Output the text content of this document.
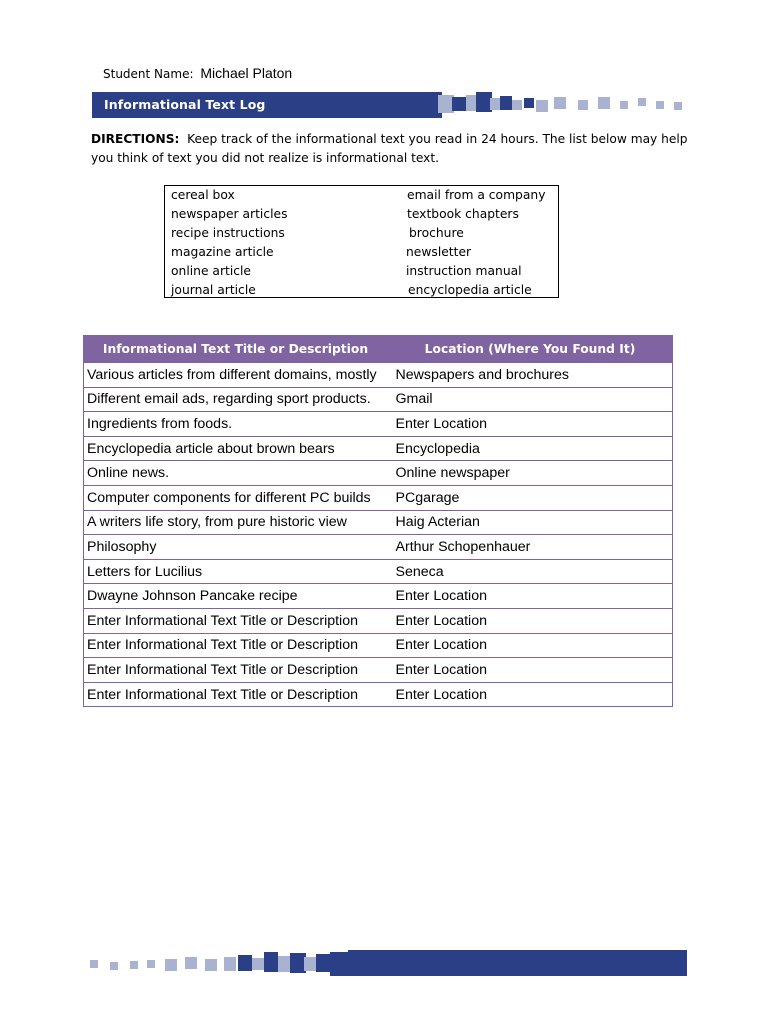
Student Name: Michael Platon
Informational Text Log
DIRECTIONS: Keep track of the informational text you read in 24 hours. The list below may help
you think of text you did not realize is informational text.
cereal box
newspaper articles
recipe instructions
magazine article
online article
journal article
email from a company
textbook chapters
brochure
newsletter
instruction manual
encyclopedia article
Informational Text Title or Description	Location (Where You Found It)
Various articles from different domains, mostly	Newspapers and brochures
Different email ads, regarding sport products.	Gmail
Ingredients from foods.	Enter Location
Encyclopedia article about brown bears	Encyclopedia
Online news.	Online newspaper
Computer components for different PC builds	PCgarage
A writers life story, from pure historic view	Haig Acterian
Philosophy	Arthur Schopenhauer
Letters for Lucilius	Seneca
Dwayne Johnson Pancake recipe	Enter Location
Enter Informational Text Title or Description	Enter Location
Enter Informational Text Title or Description	Enter Location
Enter Informational Text Title or Description	Enter Location
Enter Informational Text Title or Description	Enter Location
